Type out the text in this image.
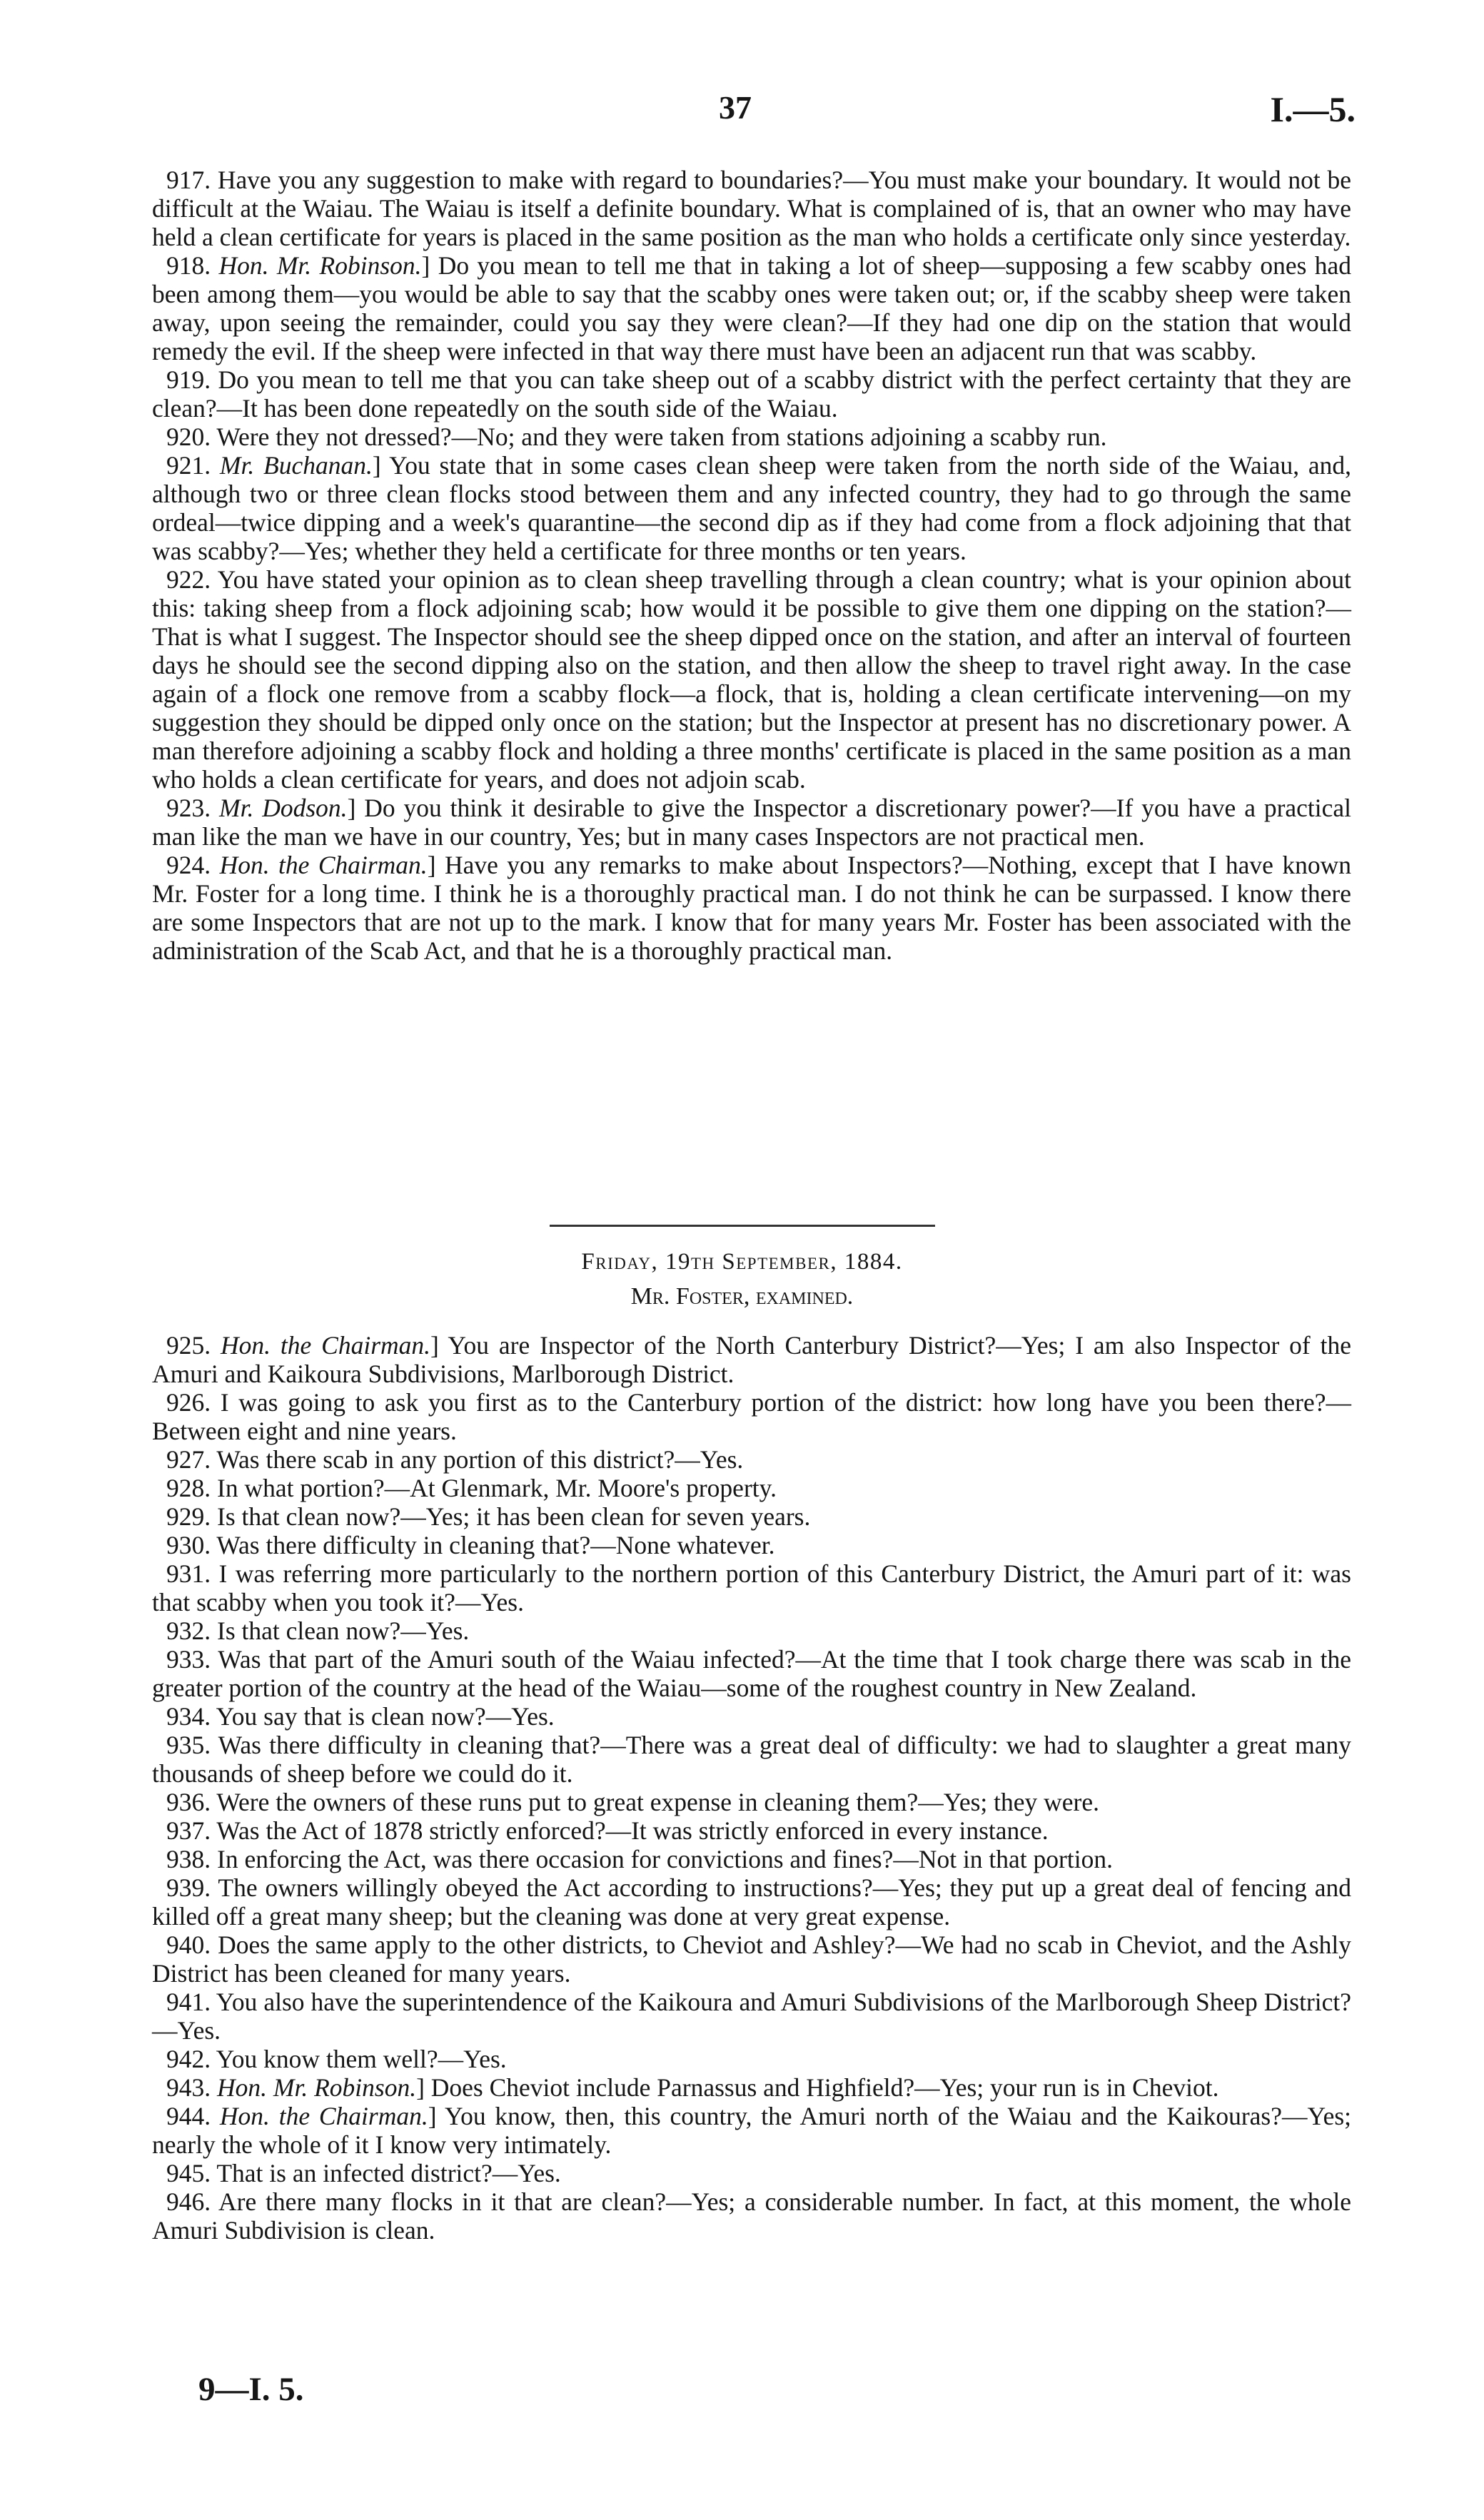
37	I.—5.

917. Have you any suggestion to make with regard to boundaries?—You must make your boundary. It would not be difficult at the Waiau. The Waiau is itself a definite boundary. What is complained of is, that an owner who may have held a clean certificate for years is placed in the same position as the man who holds a certificate only since yesterday.

918. Hon. Mr. Robinson.] Do you mean to tell me that in taking a lot of sheep—supposing a few scabby ones had been among them—you would be able to say that the scabby ones were taken out; or, if the scabby sheep were taken away, upon seeing the remainder, could you say they were clean?—If they had one dip on the station that would remedy the evil. If the sheep were infected in that way there must have been an adjacent run that was scabby.

919. Do you mean to tell me that you can take sheep out of a scabby district with the perfect certainty that they are clean?—It has been done repeatedly on the south side of the Waiau.

920. Were they not dressed?—No; and they were taken from stations adjoining a scabby run.

921. Mr. Buchanan.] You state that in some cases clean sheep were taken from the north side of the Waiau, and, although two or three clean flocks stood between them and any infected country, they had to go through the same ordeal—twice dipping and a week's quarantine—the second dip as if they had come from a flock adjoining that that was scabby?—Yes; whether they held a certificate for three months or ten years.

922. You have stated your opinion as to clean sheep travelling through a clean country; what is your opinion about this: taking sheep from a flock adjoining scab; how would it be possible to give them one dipping on the station?—That is what I suggest. The Inspector should see the sheep dipped once on the station, and after an interval of fourteen days he should see the second dipping also on the station, and then allow the sheep to travel right away. In the case again of a flock one remove from a scabby flock—a flock, that is, holding a clean certificate intervening—on my suggestion they should be dipped only once on the station; but the Inspector at present has no discretionary power. A man therefore adjoining a scabby flock and holding a three months' certificate is placed in the same position as a man who holds a clean certificate for years, and does not adjoin scab.

923. Mr. Dodson.] Do you think it desirable to give the Inspector a discretionary power?—If you have a practical man like the man we have in our country, Yes; but in many cases Inspectors are not practical men.

924. Hon. the Chairman.] Have you any remarks to make about Inspectors?—Nothing, except that I have known Mr. Foster for a long time. I think he is a thoroughly practical man. I do not think he can be surpassed. I know there are some Inspectors that are not up to the mark. I know that for many years Mr. Foster has been associated with the administration of the Scab Act, and that he is a thoroughly practical man.

Friday, 19th September, 1884.
Mr. Foster, examined.

925. Hon. the Chairman.] You are Inspector of the North Canterbury District?—Yes; I am also Inspector of the Amuri and Kaikoura Subdivisions, Marlborough District.

926. I was going to ask you first as to the Canterbury portion of the district: how long have you been there?—Between eight and nine years.

927. Was there scab in any portion of this district?—Yes.

928. In what portion?—At Glenmark, Mr. Moore's property.

929. Is that clean now?—Yes; it has been clean for seven years.

930. Was there difficulty in cleaning that?—None whatever.

931. I was referring more particularly to the northern portion of this Canterbury District, the Amuri part of it: was that scabby when you took it?—Yes.

932. Is that clean now?—Yes.

933. Was that part of the Amuri south of the Waiau infected?—At the time that I took charge there was scab in the greater portion of the country at the head of the Waiau—some of the roughest country in New Zealand.

934. You say that is clean now?—Yes.

935. Was there difficulty in cleaning that?—There was a great deal of difficulty: we had to slaughter a great many thousands of sheep before we could do it.

936. Were the owners of these runs put to great expense in cleaning them?—Yes; they were.

937. Was the Act of 1878 strictly enforced?—It was strictly enforced in every instance.

938. In enforcing the Act, was there occasion for convictions and fines?—Not in that portion.

939. The owners willingly obeyed the Act according to instructions?—Yes; they put up a great deal of fencing and killed off a great many sheep; but the cleaning was done at very great expense.

940. Does the same apply to the other districts, to Cheviot and Ashley?—We had no scab in Cheviot, and the Ashly District has been cleaned for many years.

941. You also have the superintendence of the Kaikoura and Amuri Subdivisions of the Marlborough Sheep District?—Yes.

942. You know them well?—Yes.

943. Hon. Mr. Robinson.] Does Cheviot include Parnassus and Highfield?—Yes; your run is in Cheviot.

944. Hon. the Chairman.] You know, then, this country, the Amuri north of the Waiau and the Kaikouras?—Yes; nearly the whole of it I know very intimately.

945. That is an infected district?—Yes.

946. Are there many flocks in it that are clean?—Yes; a considerable number. In fact, at this moment, the whole Amuri Subdivision is clean.

9—I. 5.
